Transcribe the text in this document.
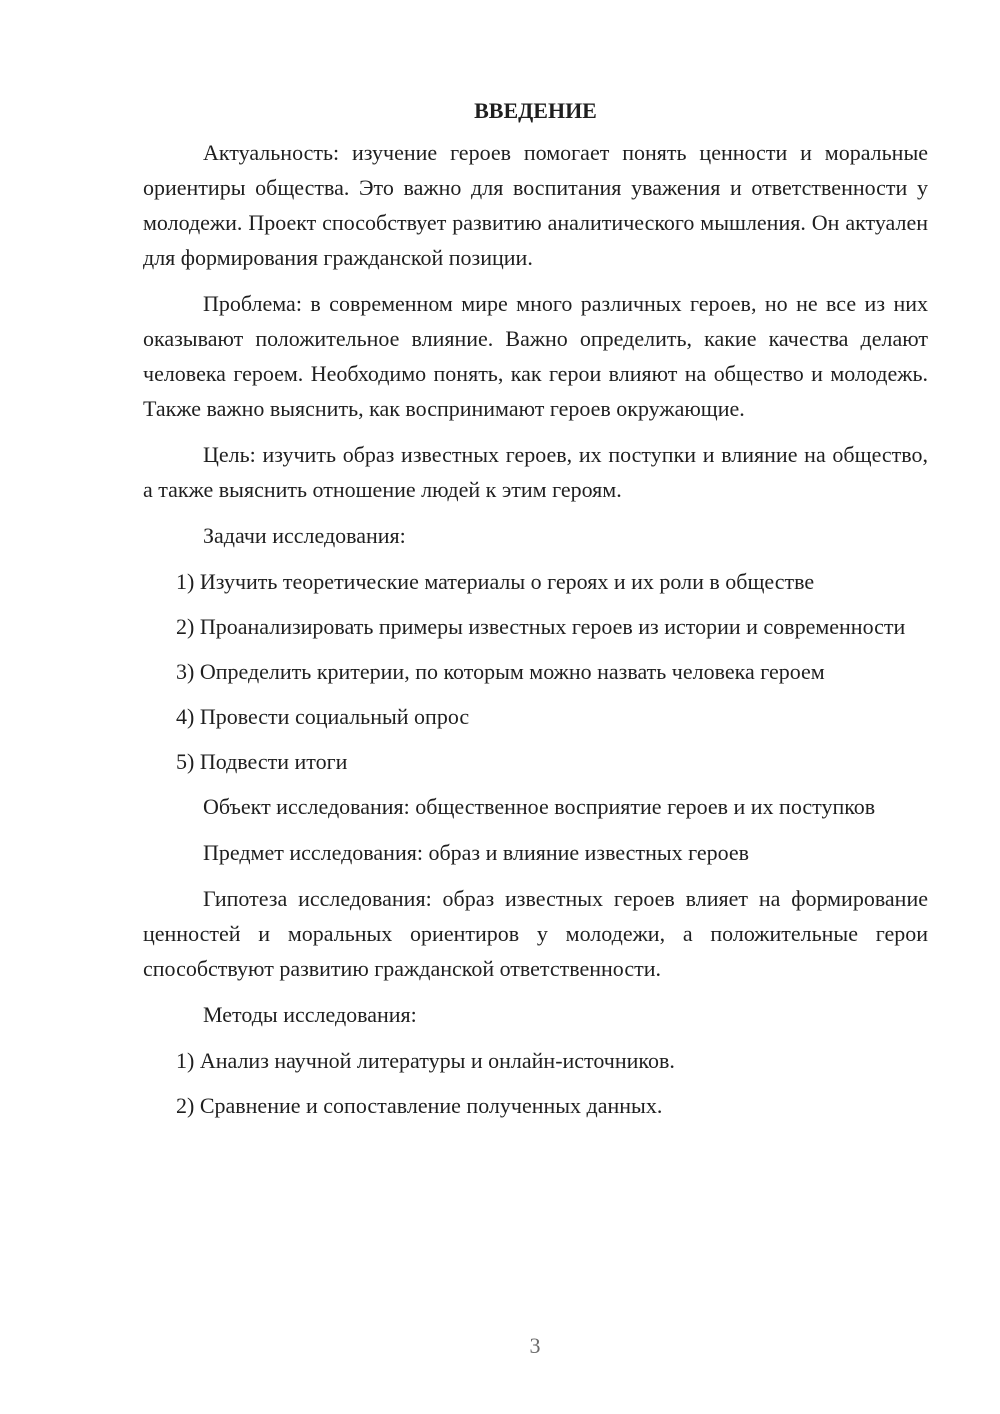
ВВЕДЕНИЕ

Актуальность: изучение героев помогает понять ценности и моральные ориентиры общества. Это важно для воспитания уважения и ответственности у молодежи. Проект способствует развитию аналитического мышления. Он актуален для формирования гражданской позиции.

Проблема: в современном мире много различных героев, но не все из них оказывают положительное влияние. Важно определить, какие качества делают человека героем. Необходимо понять, как герои влияют на общество и молодежь. Также важно выяснить, как воспринимают героев окружающие.

Цель: изучить образ известных героев, их поступки и влияние на общество, а также выяснить отношение людей к этим героям.

Задачи исследования:

1) Изучить теоретические материалы о героях и их роли в обществе

2) Проанализировать примеры известных героев из истории и современности

3) Определить критерии, по которым можно назвать человека героем

4) Провести социальный опрос

5) Подвести итоги

Объект исследования: общественное восприятие героев и их поступков

Предмет исследования: образ и влияние известных героев

Гипотеза исследования: образ известных героев влияет на формирование ценностей и моральных ориентиров у молодежи, а положительные герои способствуют развитию гражданской ответственности.

Методы исследования:

1) Анализ научной литературы и онлайн-источников.

2) Сравнение и сопоставление полученных данных.

3
